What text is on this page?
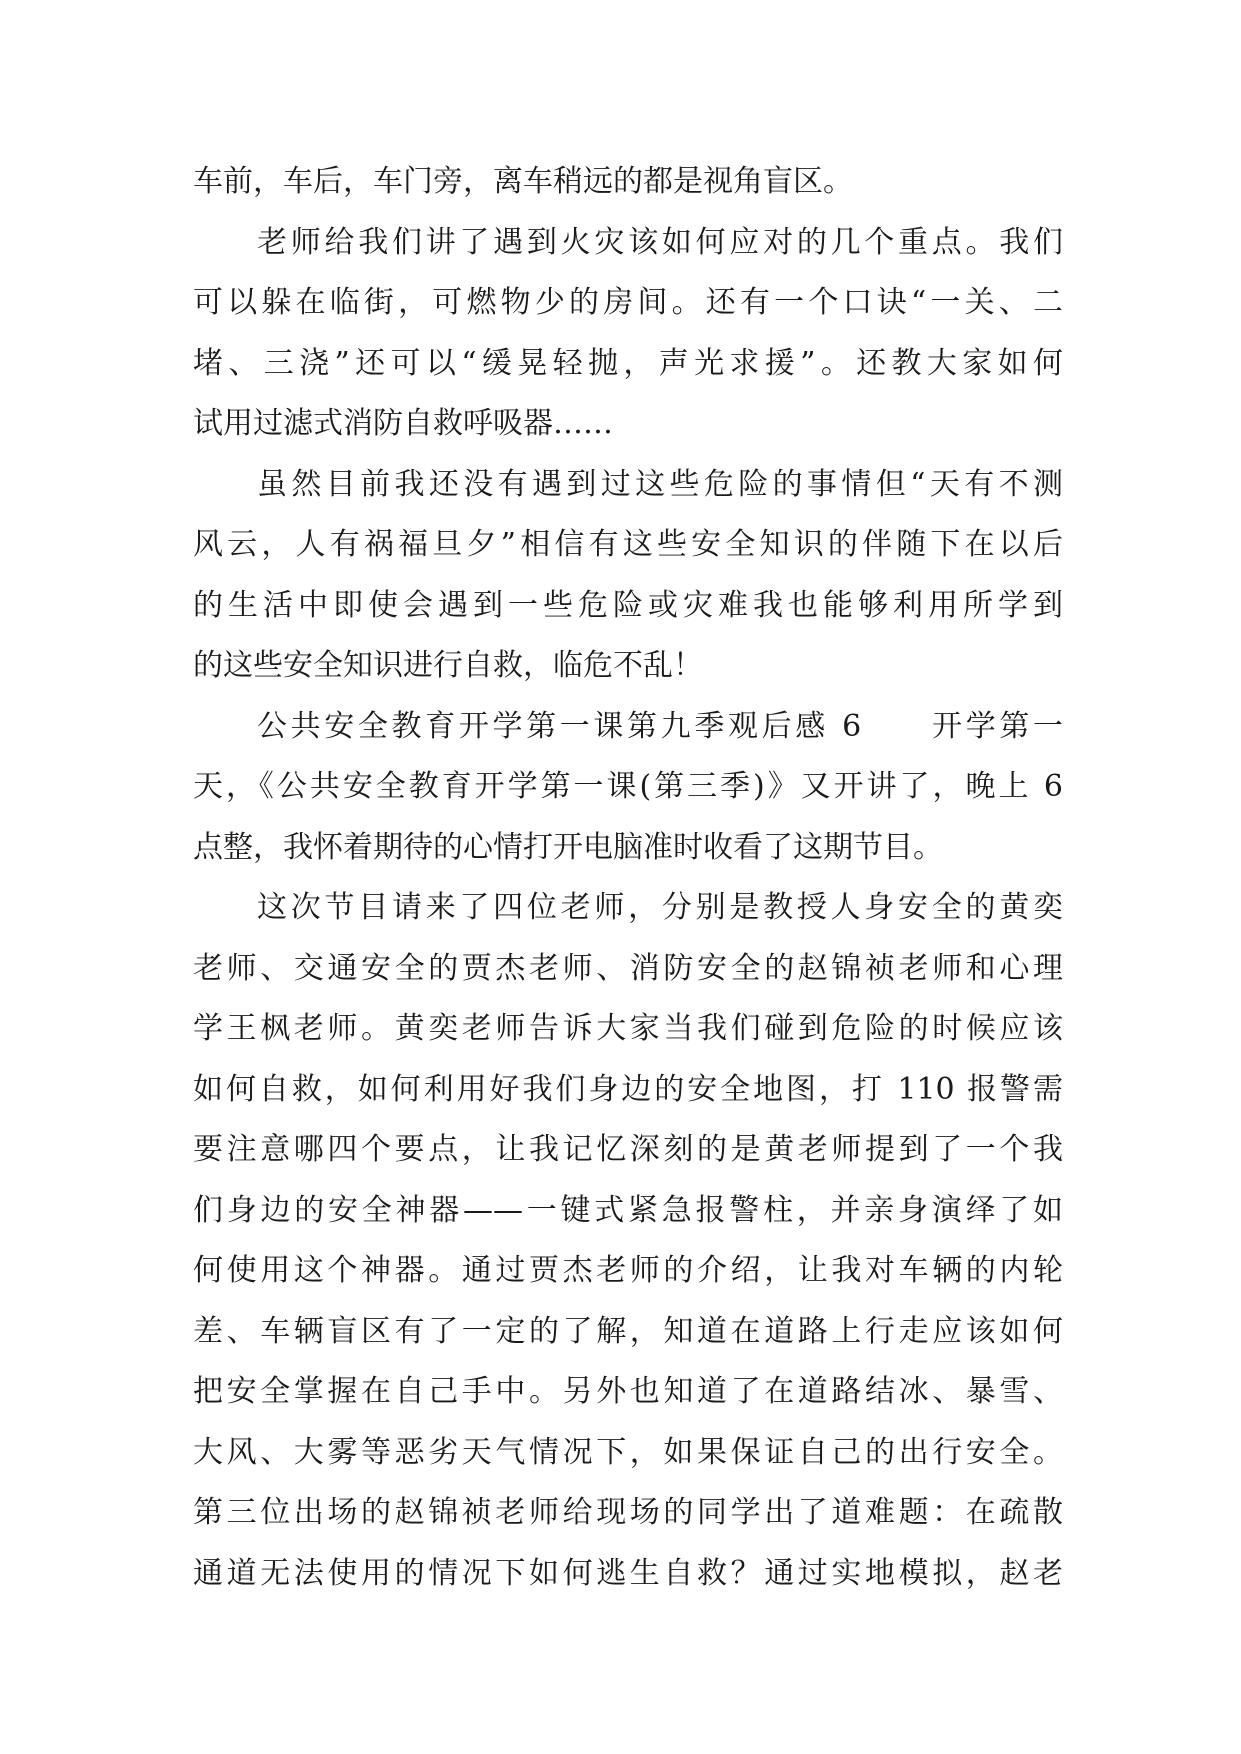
车前，车后，车门旁，离车稍远的都是视角盲区。
老师给我们讲了遇到火灾该如何应对的几个重点。我们
可以躲在临街，可燃物少的房间。还有一个口诀“一关、二
堵、三浇”还可以“缓晃轻抛，声光求援”。还教大家如何
试用过滤式消防自救呼吸器……
虽然目前我还没有遇到过这些危险的事情但“天有不测
风云，人有祸福旦夕”相信有这些安全知识的伴随下在以后
的生活中即使会遇到一些危险或灾难我也能够利用所学到
的这些安全知识进行自救，临危不乱！
公共安全教育开学第一课第九季观后感 6　　开学第一
天，《公共安全教育开学第一课(第三季)》又开讲了，晚上 6
点整，我怀着期待的心情打开电脑准时收看了这期节目。
这次节目请来了四位老师，分别是教授人身安全的黄奕
老师、交通安全的贾杰老师、消防安全的赵锦祯老师和心理
学王枫老师。黄奕老师告诉大家当我们碰到危险的时候应该
如何自救，如何利用好我们身边的安全地图，打 110 报警需
要注意哪四个要点，让我记忆深刻的是黄老师提到了一个我
们身边的安全神器——一键式紧急报警柱，并亲身演绎了如
何使用这个神器。通过贾杰老师的介绍，让我对车辆的内轮
差、车辆盲区有了一定的了解，知道在道路上行走应该如何
把安全掌握在自己手中。另外也知道了在道路结冰、暴雪、
大风、大雾等恶劣天气情况下，如果保证自己的出行安全。
第三位出场的赵锦祯老师给现场的同学出了道难题：在疏散
通道无法使用的情况下如何逃生自救？通过实地模拟，赵老
